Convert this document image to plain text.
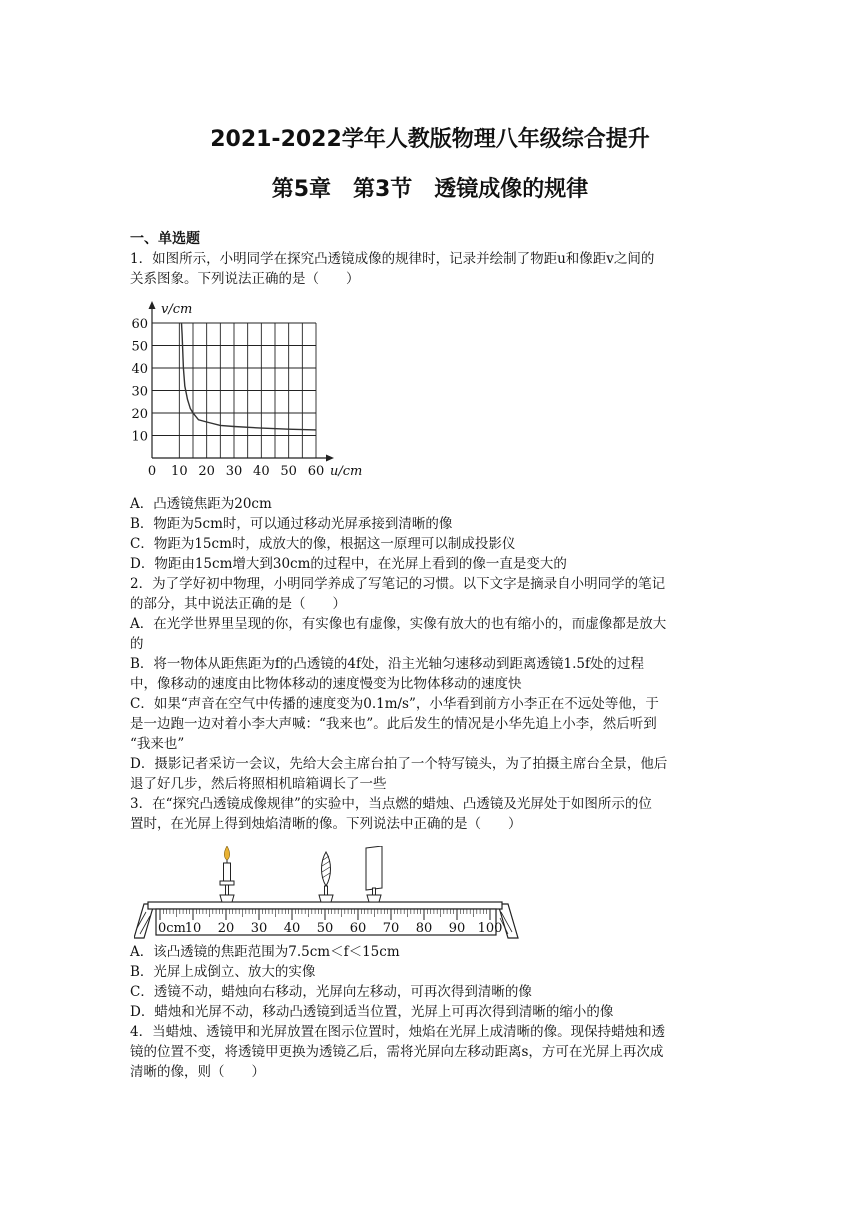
2021-2022学年人教版物理八年级综合提升
第5章　第3节　透镜成像的规律
一、单选题
1．如图所示，小明同学在探究凸透镜成像的规律时，记录并绘制了物距u和像距v之间的
关系图象。下列说法正确的是（　　）
0 10 20 30 40 50 60
10
20
30
40
50
60
u/cm
v/cm
A．凸透镜焦距为20cm
B．物距为5cm时，可以通过移动光屏承接到清晰的像
C．物距为15cm时，成放大的像，根据这一原理可以制成投影仪
D．物距由15cm增大到30cm的过程中，在光屏上看到的像一直是变大的
2．为了学好初中物理，小明同学养成了写笔记的习惯。以下文字是摘录自小明同学的笔记
的部分，其中说法正确的是（　　）
A．在光学世界里呈现的你，有实像也有虚像，实像有放大的也有缩小的，而虚像都是放大
的
B．将一物体从距焦距为f的凸透镜的4f处，沿主光轴匀速移动到距离透镜1.5f处的过程
中，像移动的速度由比物体移动的速度慢变为比物体移动的速度快
C．如果“声音在空气中传播的速度变为0.1m/s”，小华看到前方小李正在不远处等他，于
是一边跑一边对着小李大声喊：“我来也”。此后发生的情况是小华先追上小李，然后听到
“我来也”
D．摄影记者采访一会议，先给大会主席台拍了一个特写镜头，为了拍摄主席台全景，他后
退了好几步，然后将照相机暗箱调长了一些
3．在“探究凸透镜成像规律”的实验中，当点燃的蜡烛、凸透镜及光屏处于如图所示的位
置时，在光屏上得到烛焰清晰的像。下列说法中正确的是（　　）
0cm
10 20 30 40 50 60 70 80 90 100
A．该凸透镜的焦距范围为7.5cm＜f＜15cm
B．光屏上成倒立、放大的实像
C．透镜不动，蜡烛向右移动，光屏向左移动，可再次得到清晰的像
D．蜡烛和光屏不动，移动凸透镜到适当位置，光屏上可再次得到清晰的缩小的像
4．当蜡烛、透镜甲和光屏放置在图示位置时，烛焰在光屏上成清晰的像。现保持蜡烛和透
镜的位置不变，将透镜甲更换为透镜乙后，需将光屏向左移动距离s，方可在光屏上再次成
清晰的像，则（　　）
